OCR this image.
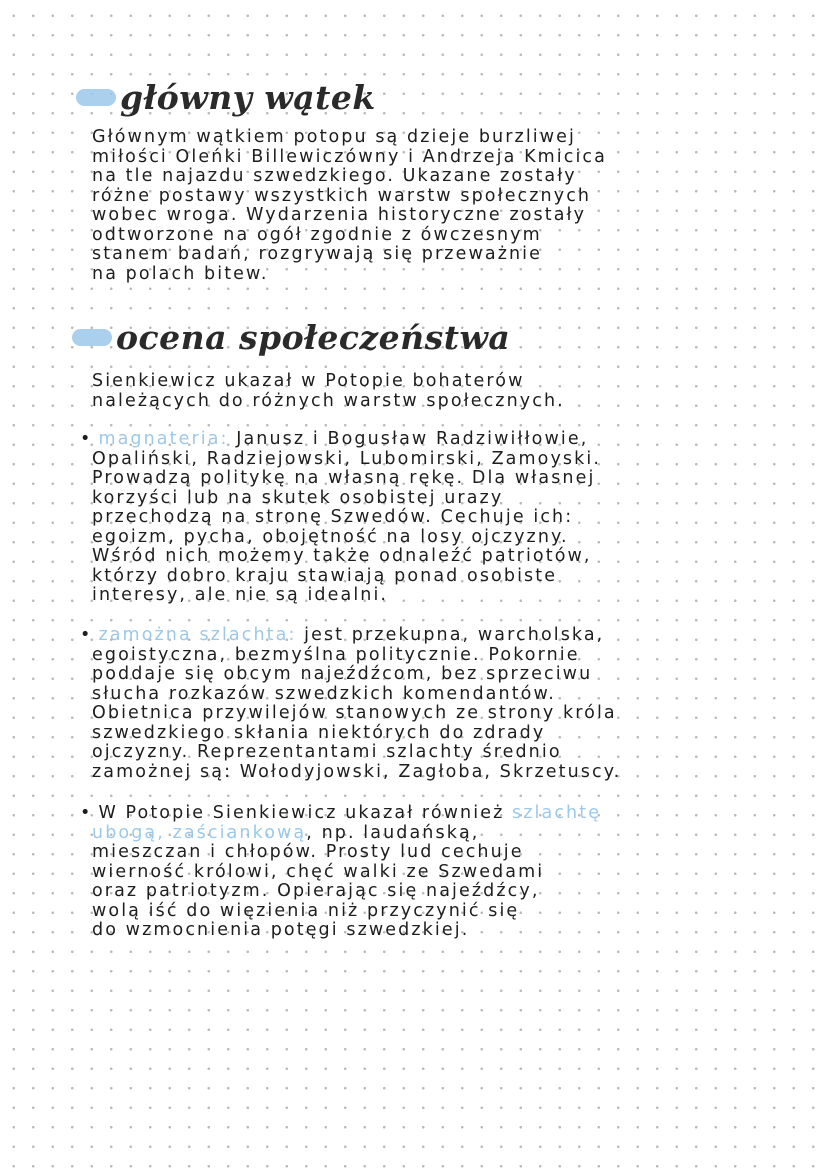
główny wątek
Głównym wątkiem potopu są dzieje burzliwej
miłości Oleńki Billewiczówny i Andrzeja Kmicica
na tle najazdu szwedzkiego. Ukazane zostały
różne postawy wszystkich warstw społecznych
wobec wroga. Wydarzenia historyczne zostały
odtworzone na ogół zgodnie z ówczesnym
stanem badań, rozgrywają się przeważnie
na polach bitew.
ocena społeczeństwa
Sienkiewicz ukazał w Potopie bohaterów
należących do różnych warstw społecznych.
• magnateria: Janusz i Bogusław Radziwiłłowie,
Opaliński, Radziejowski, Lubomirski, Zamoyski.
Prowadzą politykę na własną rękę. Dla własnej
korzyści lub na skutek osobistej urazy
przechodzą na stronę Szwedów. Cechuje ich:
egoizm, pycha, obojętność na losy ojczyzny.
Wśród nich możemy także odnaleźć patriotów,
którzy dobro kraju stawiają ponad osobiste
interesy, ale nie są idealni.
• zamożna szlachta: jest przekupna, warcholska,
egoistyczna, bezmyślna politycznie. Pokornie
poddaje się obcym najeźdźcom, bez sprzeciwu
słucha rozkazów szwedzkich komendantów.
Obietnica przywilejów stanowych ze strony króla
szwedzkiego skłania niektórych do zdrady
ojczyzny. Reprezentantami szlachty średnio
zamożnej są: Wołodyjowski, Zagłoba, Skrzetuscy.
• W Potopie Sienkiewicz ukazał również szlachtę
ubogą, zaściankową, np. laudańską,
mieszczan i chłopów. Prosty lud cechuje
wierność królowi, chęć walki ze Szwedami
oraz patriotyzm. Opierając się najeźdźcy,
wolą iść do więzienia niż przyczynić się
do wzmocnienia potęgi szwedzkiej.
